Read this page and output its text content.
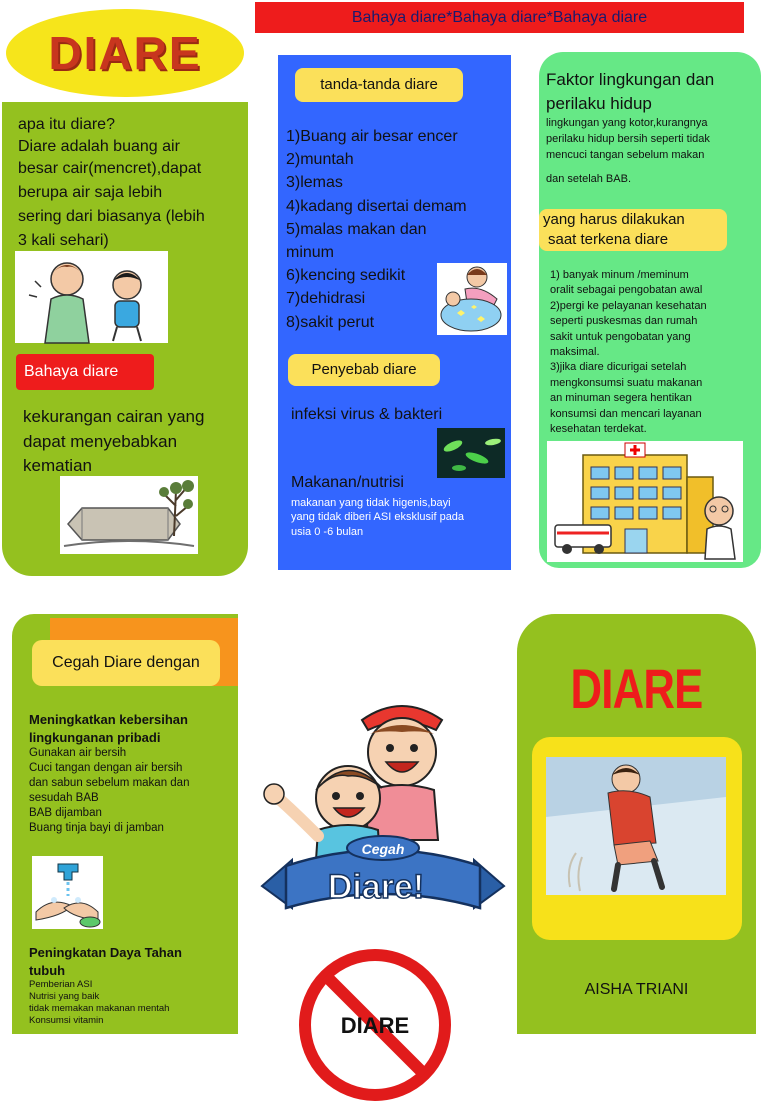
Bahaya diare*Bahaya diare*Bahaya diare
DIARE
apa itu diare?
Diare adalah buang air
besar cair(mencret),dapat
berupa air saja lebih
sering dari biasanya (lebih
3 kali sehari)
Bahaya diare
kekurangan cairan yang
dapat menyebabkan
kematian
tanda-tanda diare
1)Buang air besar encer
2)muntah
3)lemas
4)kadang disertai demam
5)malas makan dan
minum
6)kencing sedikit
7)dehidrasi
8)sakit perut
Penyebab diare
infeksi virus & bakteri
Makanan/nutrisi
makanan yang tidak higenis,bayi
yang tidak diberi ASI eksklusif pada
usia 0 -6 bulan
Faktor lingkungan dan
perilaku hidup
lingkungan yang kotor,kurangnya
perilaku hidup bersih seperti tidak
mencuci tangan sebelum makan
dan setelah BAB.
yang harus dilakukan
saat terkena diare
1) banyak minum /meminum
oralit sebagai pengobatan awal
2)pergi ke pelayanan kesehatan
seperti puskesmas dan rumah
sakit untuk pengobatan yang
maksimal.
3)jika diare dicurigai setelah
mengkonsumsi suatu makanan
an minuman segera hentikan
konsumsi dan mencari layanan
kesehatan terdekat.
Cegah Diare dengan
Meningkatkan kebersihan
lingkunganan pribadi
Gunakan air bersih
Cuci tangan dengan air bersih
dan sabun sebelum makan dan
sesudah BAB
BAB dijamban
Buang tinja bayi di jamban
Peningkatan Daya Tahan
tubuh
Pemberian ASI
Nutrisi yang baik
tidak memakan makanan mentah
Konsumsi vitamin
Cegah
Diare!
DIARE
DIARE
AISHA TRIANI
